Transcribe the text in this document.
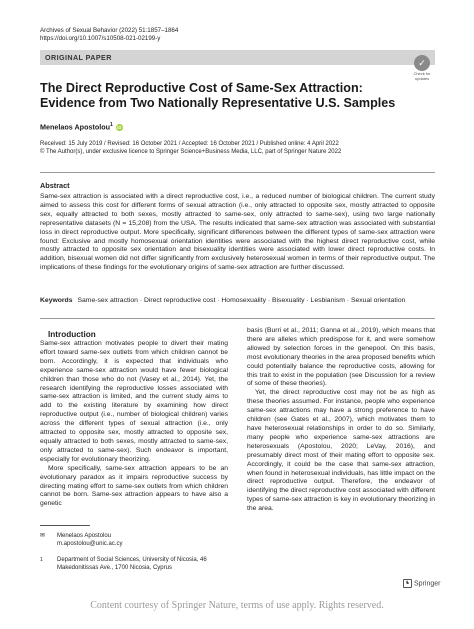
Archives of Sexual Behavior (2022) 51:1857–1864
https://doi.org/10.1007/s10508-021-02199-y
ORIGINAL PAPER
✓
Check for
updates
The Direct Reproductive Cost of Same-Sex Attraction: Evidence from Two Nationally Representative U.S. Samples
Menelaos Apostolou$^1$ iD
Received: 15 July 2019 / Revised: 16 October 2021 / Accepted: 16 October 2021 / Published online: 4 April 2022
© The Author(s), under exclusive licence to Springer Science+Business Media, LLC, part of Springer Nature 2022
Abstract
Same-sex attraction is associated with a direct reproductive cost, i.e., a reduced number of biological children. The current study aimed to assess this cost for different forms of sexual attraction (i.e., only attracted to opposite sex, mostly attracted to opposite sex, equally attracted to both sexes, mostly attracted to same-sex, only attracted to same-sex), using two large nationally representative datasets (N = 15,208) from the USA. The results indicated that same-sex attraction was associated with substantial loss in direct reproductive output. More specifically, significant differences between the different types of same-sex attraction were found: Exclusive and mostly homosexual orientation identities were associated with the highest direct reproductive cost, while mostly attracted to opposite sex orientation and bisexuality identities were associated with lower direct reproductive costs. In addition, bisexual women did not differ significantly from exclusively heterosexual women in terms of their reproductive output. The implications of these findings for the evolutionary origins of same-sex attraction are further discussed.
Keywords Same-sex attraction · Direct reproductive cost · Homosexuality · Bisexuality · Lesbianism · Sexual orientation

Introduction

Same-sex attraction motivates people to divert their mating effort toward same-sex outlets from which children cannot be born. Accordingly, it is expected that individuals who experience same-sex attraction would have fewer biological children than those who do not (Vasey et al., 2014). Yet, the research identifying the reproductive losses associated with same-sex attraction is limited, and the current study aims to add to the existing literature by examining how direct reproductive output (i.e., number of biological children) varies across the different types of sexual attraction (i.e., only attracted to opposite sex, mostly attracted to opposite sex, equally attracted to both sexes, mostly attracted to same-sex, only attracted to same-sex). Such endeavor is important, especially for evolutionary theorizing.

More specifically, same-sex attraction appears to be an evolutionary paradox as it impairs reproductive success by directing mating effort to same-sex outlets from which children cannot be born. Same-sex attraction appears to have also a genetic

basis (Burri et al., 2011; Ganna et al., 2019), which means that there are alleles which predispose for it, and were somehow allowed by selection forces in the genepool. On this basis, most evolutionary theories in the area proposed benefits which could potentially balance the reproductive costs, allowing for this trait to exist in the population (see Discussion for a review of some of these theories).

Yet, the direct reproductive cost may not be as high as these theories assumed. For instance, people who experience same-sex attractions may have a strong preference to have children (see Gates et al., 2007), which motivates them to have heterosexual relationships in order to do so. Similarly, many people who experience same-sex attractions are heterosexuals (Apostolou, 2020; LeVay, 2016), and presumably direct most of their mating effort to opposite sex. Accordingly, it could be the case that same-sex attraction, when found in heterosexual individuals, has little impact on the direct reproductive output. Therefore, the endeavor of identifying the direct reproductive cost associated with different types of same-sex attraction is key in evolutionary theorizing in the area.

✉ Menelaos Apostolou
m.apostolou@unic.ac.cy
1 Department of Social Sciences, University of Nicosia, 46
Makedonitissas Ave., 1700 Nicosia, Cyprus
♞ Springer
Content courtesy of Springer Nature, terms of use apply. Rights reserved.
